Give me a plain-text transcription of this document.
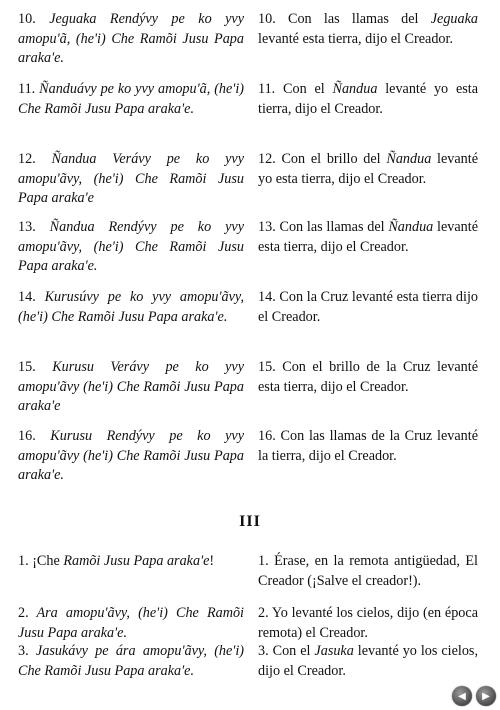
10. Jeguaka Rendývy pe ko yvy amopu'ã, (he'i) Che Ramõi Jusu Papa araka'e.

10. Con las llamas del Jeguaka levanté esta tierra, dijo el Creador.

11. Ñanduávy pe ko yvy amopu'ã, (he'i) Che Ramõi Jusu Papa araka'e.

11. Con el Ñandua levanté yo esta tierra, dijo el Creador.

12. Ñandua Verávy pe ko yvy amopu'ãvy, (he'i) Che Ramõi Jusu Papa araka'e

12. Con el brillo del Ñandua levanté yo esta tierra, dijo el Creador.

13. Ñandua Rendývy pe ko yvy amopu'ãvy, (he'i) Che Ramõi Jusu Papa araka'e.

13. Con las llamas del Ñandua levanté esta tierra, dijo el Creador.

14. Kurusúvy pe ko yvy amopu'ãvy, (he'i) Che Ramõi Jusu Papa araka'e.

14. Con la Cruz levanté esta tierra dijo el Creador.

15. Kurusu Verávy pe ko yvy amopu'ãvy (he'i) Che Ramõi Jusu Papa araka'e

15. Con el brillo de la Cruz levanté esta tierra, dijo el Creador.

16. Kurusu Rendývy pe ko yvy amopu'ãvy (he'i) Che Ramõi Jusu Papa araka'e.

16. Con las llamas de la Cruz levanté la tierra, dijo el Creador.

III

1. ¡Che Ramõi Jusu Papa araka'e!	1. Érase, en la remota antigüedad, El Creador (¡Salve el creador!).

2. Ara amopu'ãvy, (he'i) Che Ramõi Jusu Papa araka'e.

2. Yo levanté los cielos, dijo (en época remota) el Creador.

3. Jasukávy pe ára amopu'ãvy, (he'i) Che Ramõi Jusu Papa araka'e.

3. Con el Jasuka levanté yo los cielos, dijo el Creador.

◀ ▶
